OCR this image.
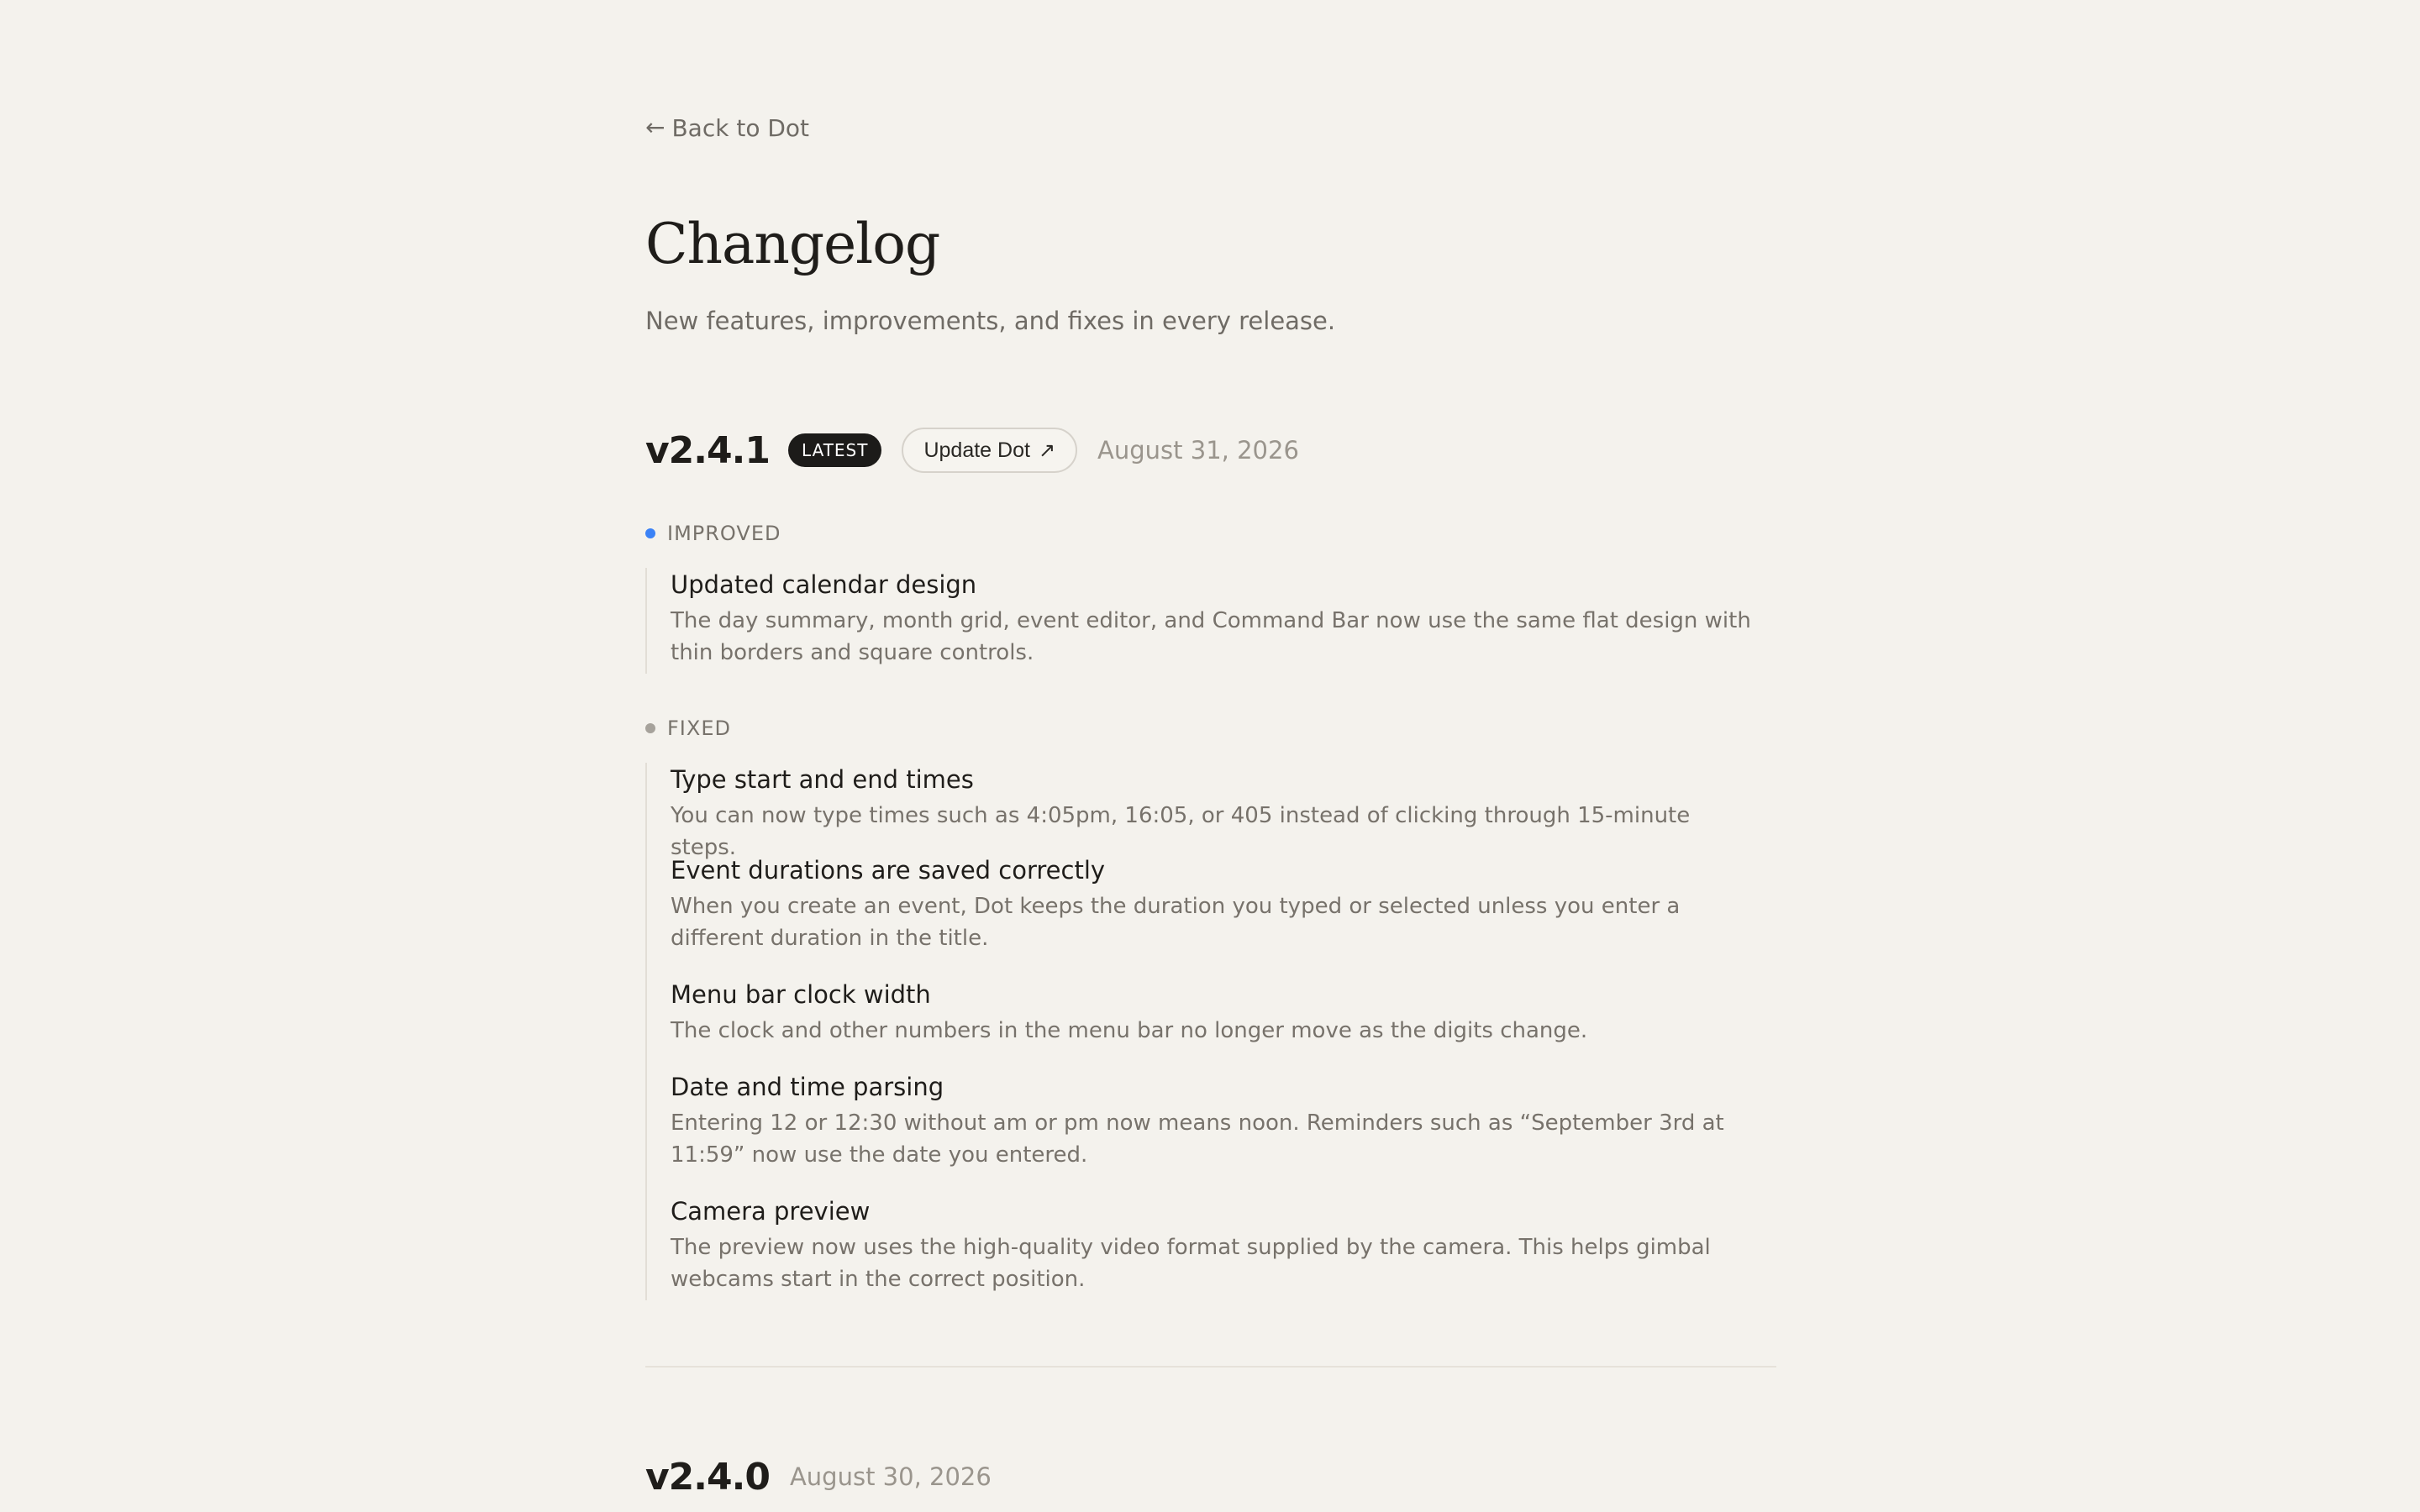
← Back to Dot
Changelog
New features, improvements, and fixes in every release.
v2.4.1	LATEST	Update Dot ↗ August 31, 2026
IMPROVED
Updated calendar design
The day summary, month grid, event editor, and Command Bar now use the same flat design with thin borders and square controls.
FIXED
Type start and end times
You can now type times such as 4:05pm, 16:05, or 405 instead of clicking through 15-minute steps.
Event durations are saved correctly
When you create an event, Dot keeps the duration you typed or selected unless you enter a different duration in the title.
Menu bar clock width
The clock and other numbers in the menu bar no longer move as the digits change.
Date and time parsing
Entering 12 or 12:30 without am or pm now means noon. Reminders such as “September 3rd at 11:59” now use the date you entered.
Camera preview
The preview now uses the high-quality video format supplied by the camera. This helps gimbal webcams start in the correct position.
v2.4.0 August 30, 2026
